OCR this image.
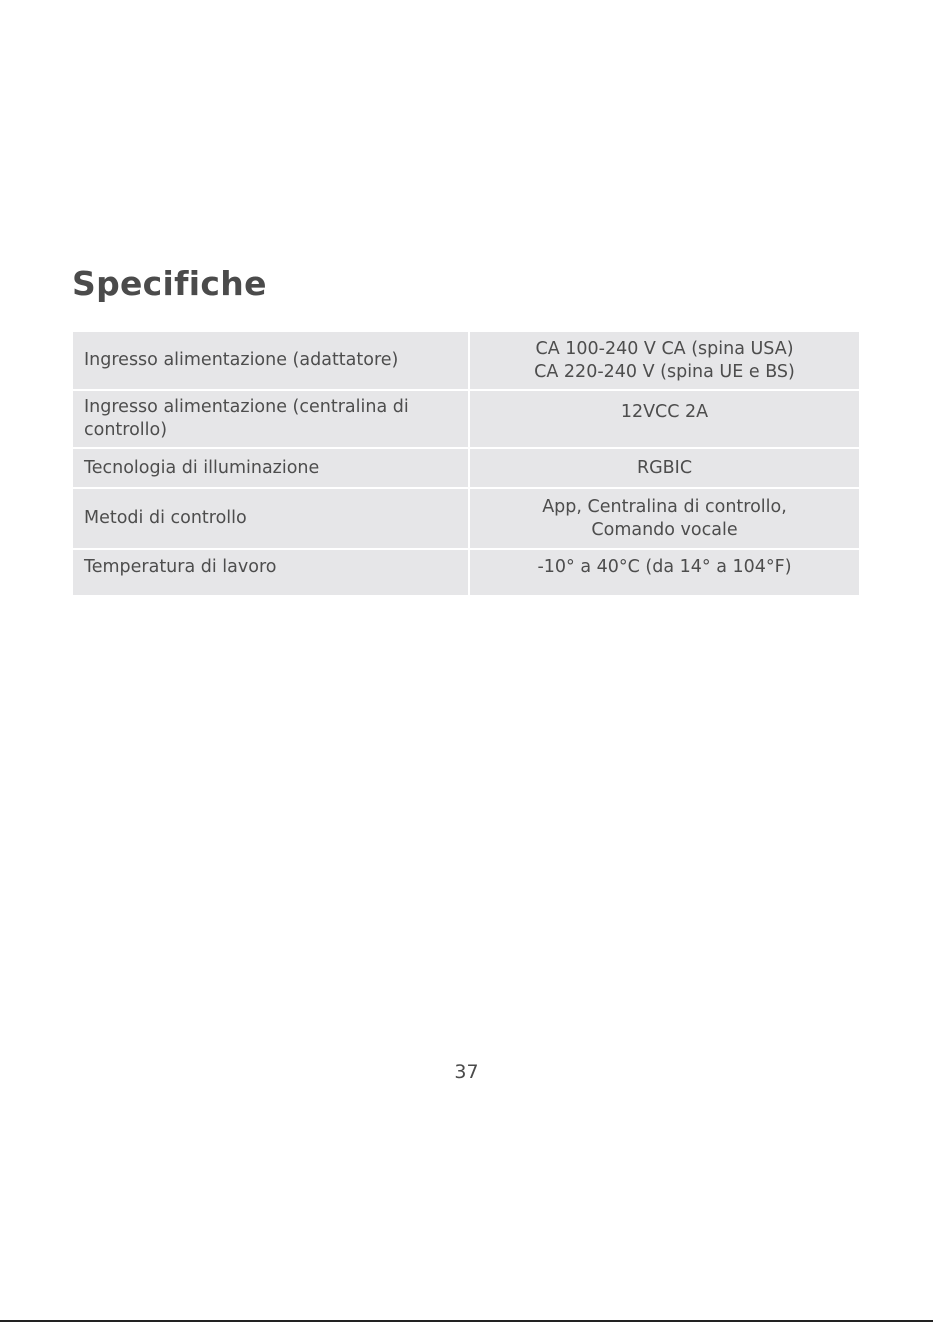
Specifiche
Ingresso alimentazione (adattatore)	CA 100-240 V CA (spina USA)
CA 220-240 V (spina UE e BS)
Ingresso alimentazione (centralina di controllo)	12VCC 2A
Tecnologia di illuminazione	RGBIC
Metodi di controllo	App, Centralina di controllo,
Comando vocale
Temperatura di lavoro	-10° a 40°C (da 14° a 104°F)
37
